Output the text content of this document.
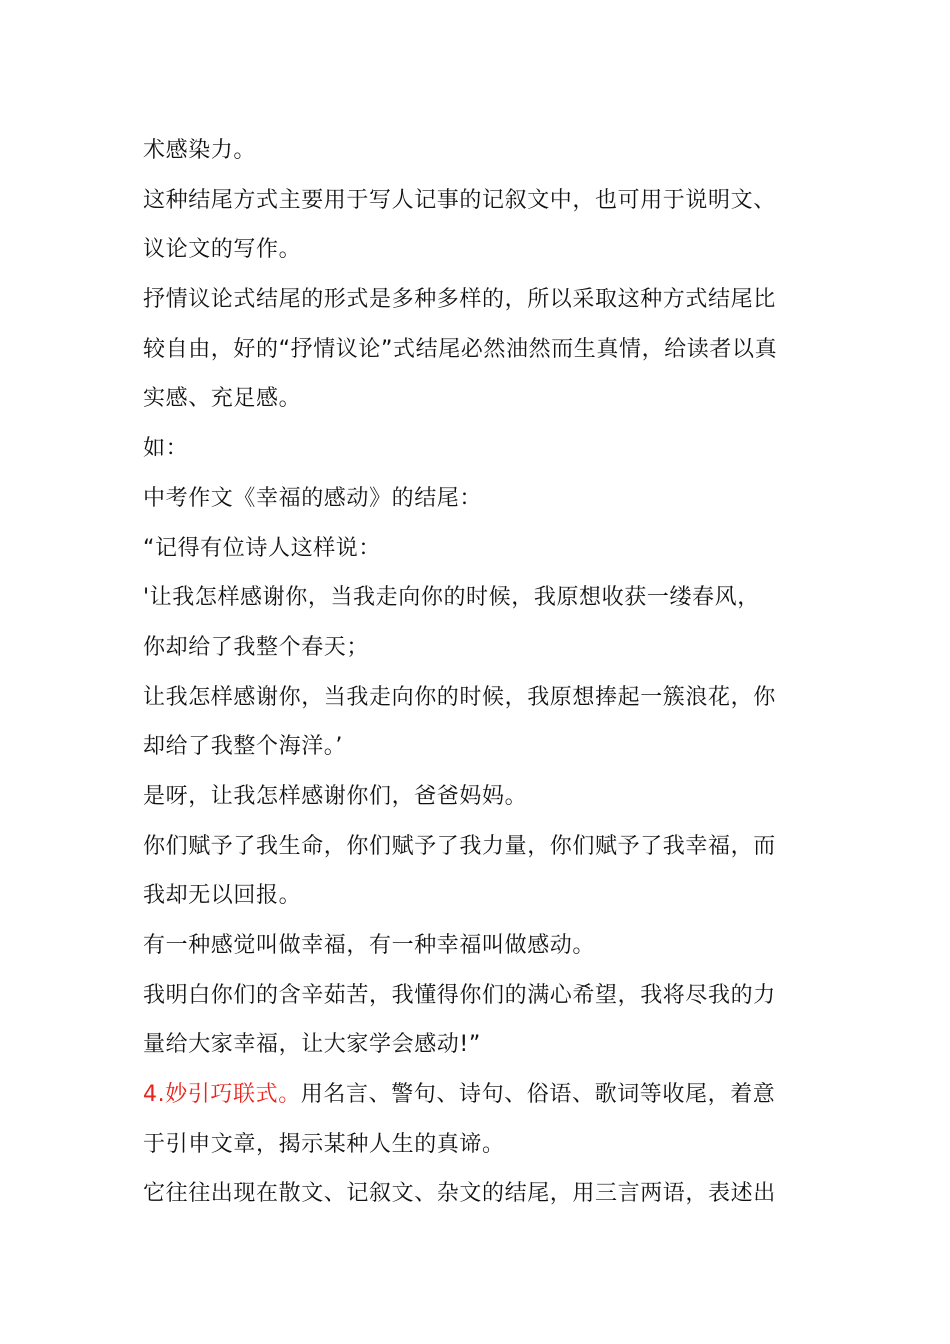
术感染力。
这种结尾方式主要用于写人记事的记叙文中，也可用于说明文、
议论文的写作。
抒情议论式结尾的形式是多种多样的，所以采取这种方式结尾比
较自由，好的“抒情议论”式结尾必然油然而生真情，给读者以真
实感、充足感。
如：
中考作文《幸福的感动》的结尾：
“记得有位诗人这样说：
'让我怎样感谢你，当我走向你的时候，我原想收获一缕春风，
你却给了我整个春天；
让我怎样感谢你，当我走向你的时候，我原想捧起一簇浪花，你
却给了我整个海洋。’
是呀，让我怎样感谢你们，爸爸妈妈。
你们赋予了我生命，你们赋予了我力量，你们赋予了我幸福，而
我却无以回报。
有一种感觉叫做幸福，有一种幸福叫做感动。
我明白你们的含辛茹苦，我懂得你们的满心希望，我将尽我的力
量给大家幸福，让大家学会感动!”
4.妙引巧联式。用名言、警句、诗句、俗语、歌词等收尾，着意
于引申文章，揭示某种人生的真谛。
它往往出现在散文、记叙文、杂文的结尾，用三言两语，表述出
